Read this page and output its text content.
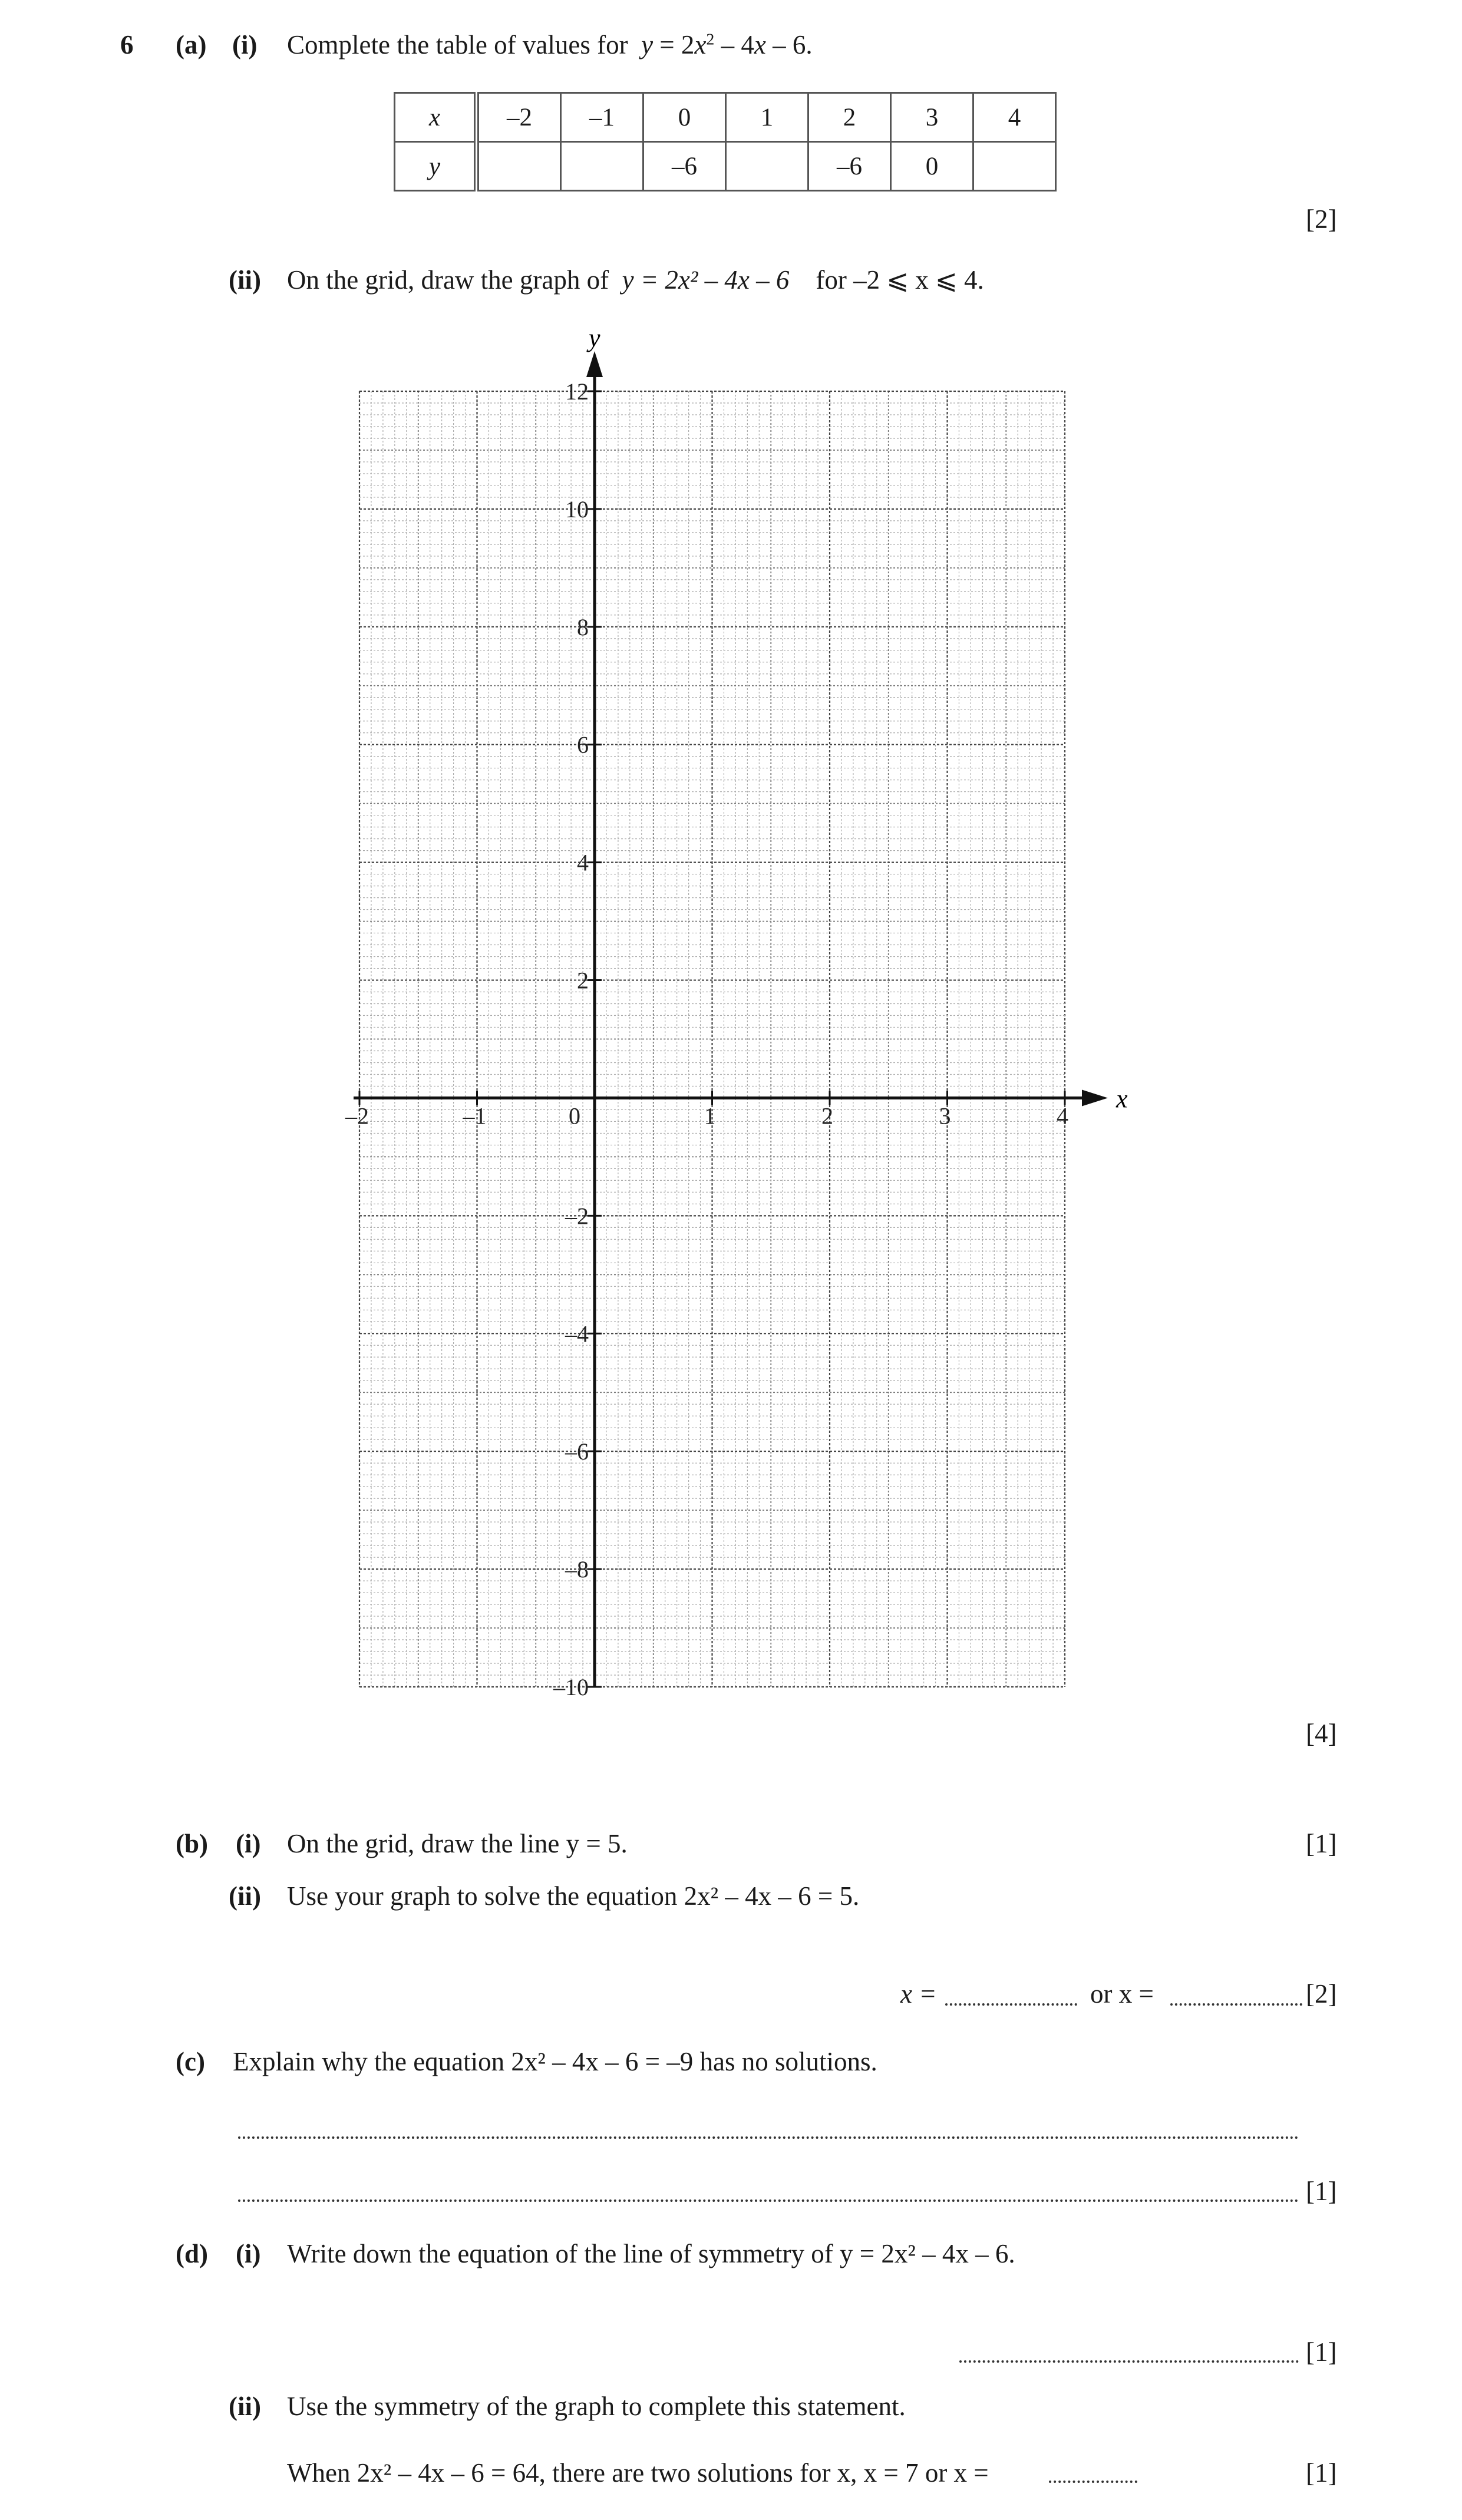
6 (a) (i) Complete the table of values for $y = 2x^2 - 4x - 6$.
x	–2	–1	0	1	2	3	4
y			–6		–6	0	
[2]
(ii) On the grid, draw the graph of y = 2x² – 4x – 6 for –2 ⩽ x ⩽ 4.
x
y
–2	–1	0	1	2	3	4
12
10
8
6
4
2
–2
–4
–6
–8
–10
[4]
(b) (i) On the grid, draw the line y = 5.	[1]
(ii) Use your graph to solve the equation 2x² – 4x – 6 = 5.
x =	or x =	[2]
(c) Explain why the equation 2x² – 4x – 6 = –9 has no solutions.
[1]
(d) (i) Write down the equation of the line of symmetry of y = 2x² – 4x – 6.
[1]
(ii) Use the symmetry of the graph to complete this statement.
When 2x² – 4x – 6 = 64, there are two solutions for x, x = 7 or x =	[1]
